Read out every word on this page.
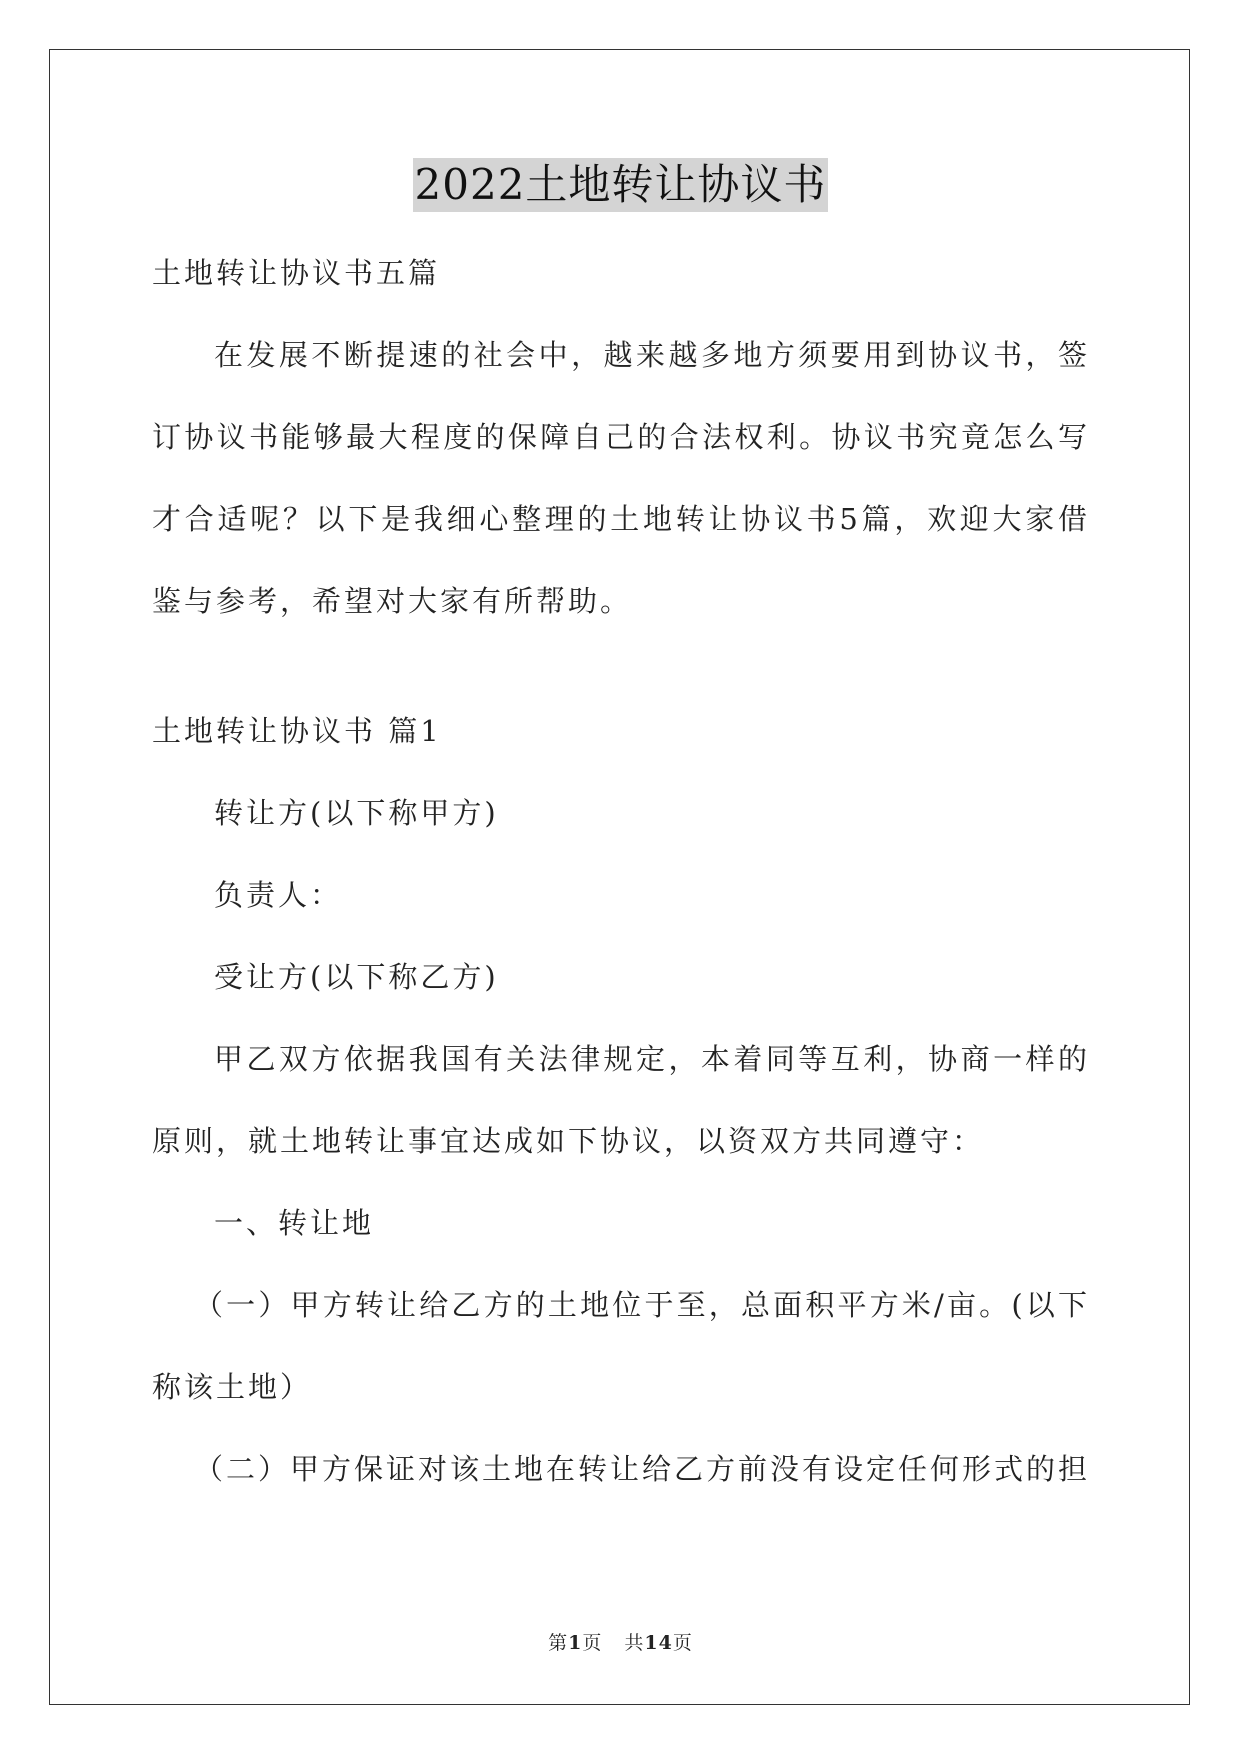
2022土地转让协议书

土地转让协议书五篇

在发展不断提速的社会中，越来越多地方须要用到协议书，签订协议书能够最大程度的保障自己的合法权利。协议书究竟怎么写才合适呢？以下是我细心整理的土地转让协议书5篇，欢迎大家借鉴与参考，希望对大家有所帮助。

土地转让协议书 篇1

转让方(以下称甲方)

负责人：

受让方(以下称乙方)

甲乙双方依据我国有关法律规定，本着同等互利，协商一样的原则，就土地转让事宜达成如下协议，以资双方共同遵守：

一、转让地

（一）甲方转让给乙方的土地位于至，总面积平方米/亩。(以下称该土地）

（二）甲方保证对该土地在转让给乙方前没有设定任何形式的担

第1页 共14页
